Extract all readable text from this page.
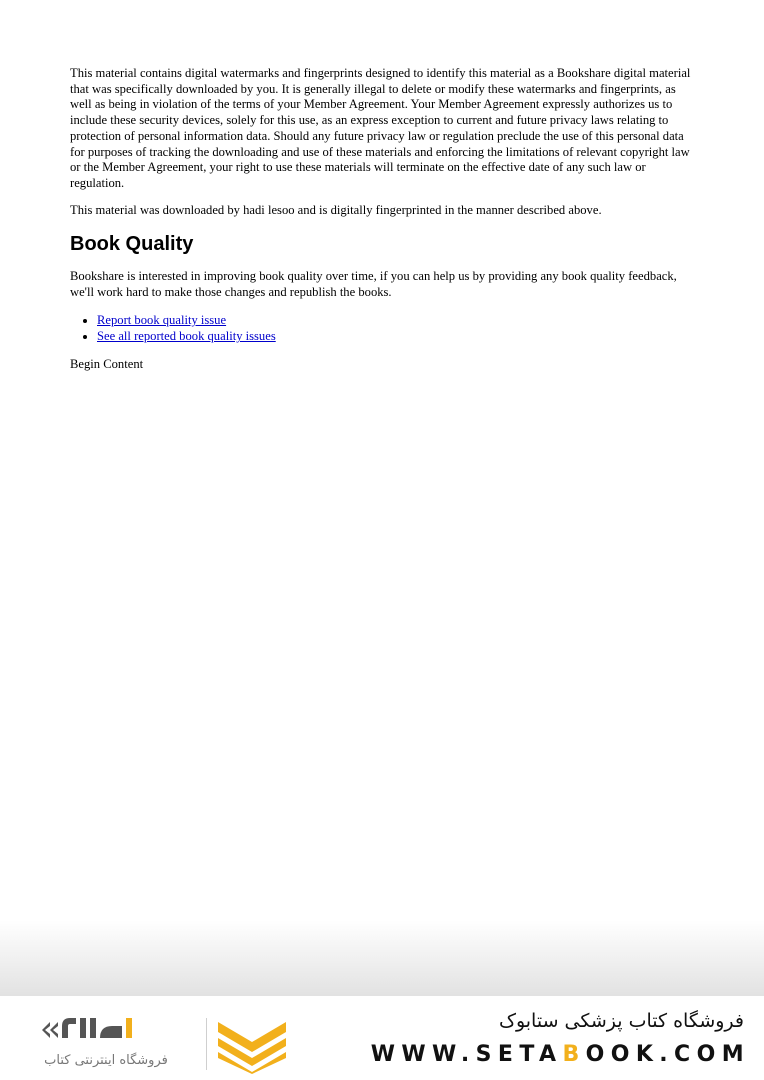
This material contains digital watermarks and fingerprints designed to identify this material as a Bookshare digital material that was specifically downloaded by you. It is generally illegal to delete or modify these watermarks and fingerprints, as well as being in violation of the terms of your Member Agreement. Your Member Agreement expressly authorizes us to include these security devices, solely for this use, as an express exception to current and future privacy laws relating to protection of personal information data. Should any future privacy law or regulation preclude the use of this personal data for purposes of tracking the downloading and use of these materials and enforcing the limitations of relevant copyright law or the Member Agreement, your right to use these materials will terminate on the effective date of any such law or regulation.

This material was downloaded by hadi lesoo and is digitally fingerprinted in the manner described above.

Book Quality

Bookshare is interested in improving book quality over time, if you can help us by providing any book quality feedback, we'll work hard to make those changes and republish the books.

• Report book quality issue
• See all reported book quality issues

Begin Content

فروشگاه اینترنتی کتاب
فروشگاه کتاب پزشکی ستابوک
WWW.SETABOOK.COM
